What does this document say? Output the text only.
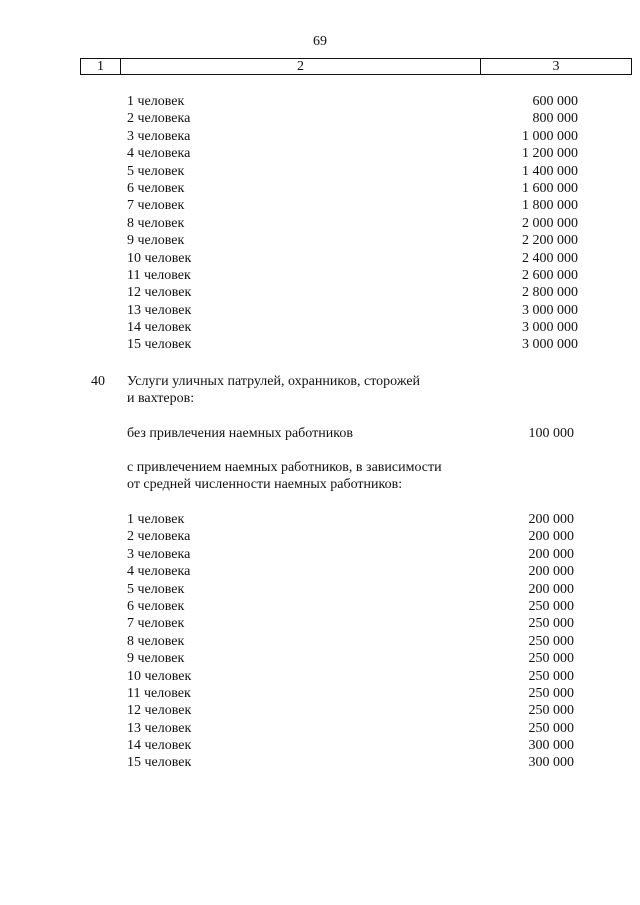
69
1	2	3
1 человек	600 000
2 человека	800 000
3 человека	1 000 000
4 человека	1 200 000
5 человек	1 400 000
6 человек	1 600 000
7 человек	1 800 000
8 человек	2 000 000
9 человек	2 200 000
10 человек	2 400 000
11 человек	2 600 000
12 человек	2 800 000
13 человек	3 000 000
14 человек	3 000 000
15 человек	3 000 000
40 Услуги уличных патрулей, охранников, сторожей
и вахтеров:
без привлечения наемных работников	100 000
с привлечением наемных работников, в зависимости
от средней численности наемных работников:
1 человек	200 000
2 человека	200 000
3 человека	200 000
4 человека	200 000
5 человек	200 000
6 человек	250 000
7 человек	250 000
8 человек	250 000
9 человек	250 000
10 человек	250 000
11 человек	250 000
12 человек	250 000
13 человек	250 000
14 человек	300 000
15 человек	300 000
